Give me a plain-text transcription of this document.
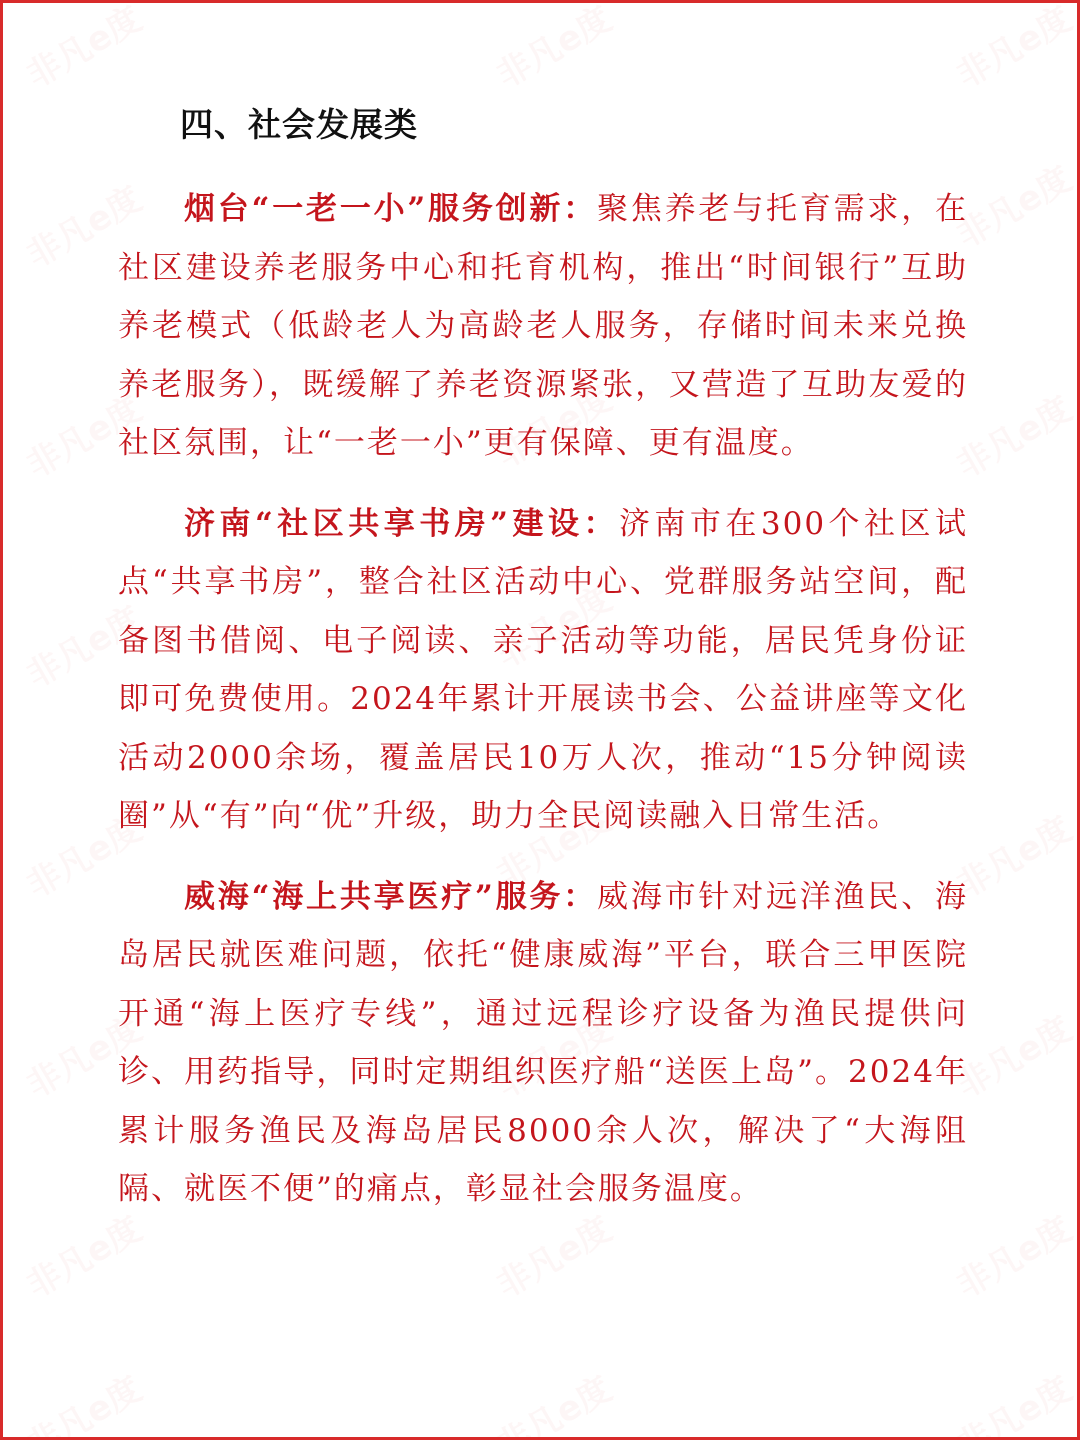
四、社会发展类

烟台“一老一小”服务创新：聚焦养老与托育需求，在社区建设养老服务中心和托育机构，推出“时间银行”互助养老模式（低龄老人为高龄老人服务，存储时间未来兑换养老服务），既缓解了养老资源紧张，又营造了互助友爱的社区氛围，让“一老一小”更有保障、更有温度。

济南“社区共享书房”建设：济南市在300个社区试点“共享书房”，整合社区活动中心、党群服务站空间，配备图书借阅、电子阅读、亲子活动等功能，居民凭身份证即可免费使用。2024年累计开展读书会、公益讲座等文化活动2000余场，覆盖居民10万人次，推动“15分钟阅读圈”从“有”向“优”升级，助力全民阅读融入日常生活。

威海“海上共享医疗”服务：威海市针对远洋渔民、海岛居民就医难问题，依托“健康威海”平台，联合三甲医院开通“海上医疗专线”，通过远程诊疗设备为渔民提供问诊、用药指导，同时定期组织医疗船“送医上岛”。2024年累计服务渔民及海岛居民8000余人次，解决了“大海阻隔、就医不便”的痛点，彰显社会服务温度。
